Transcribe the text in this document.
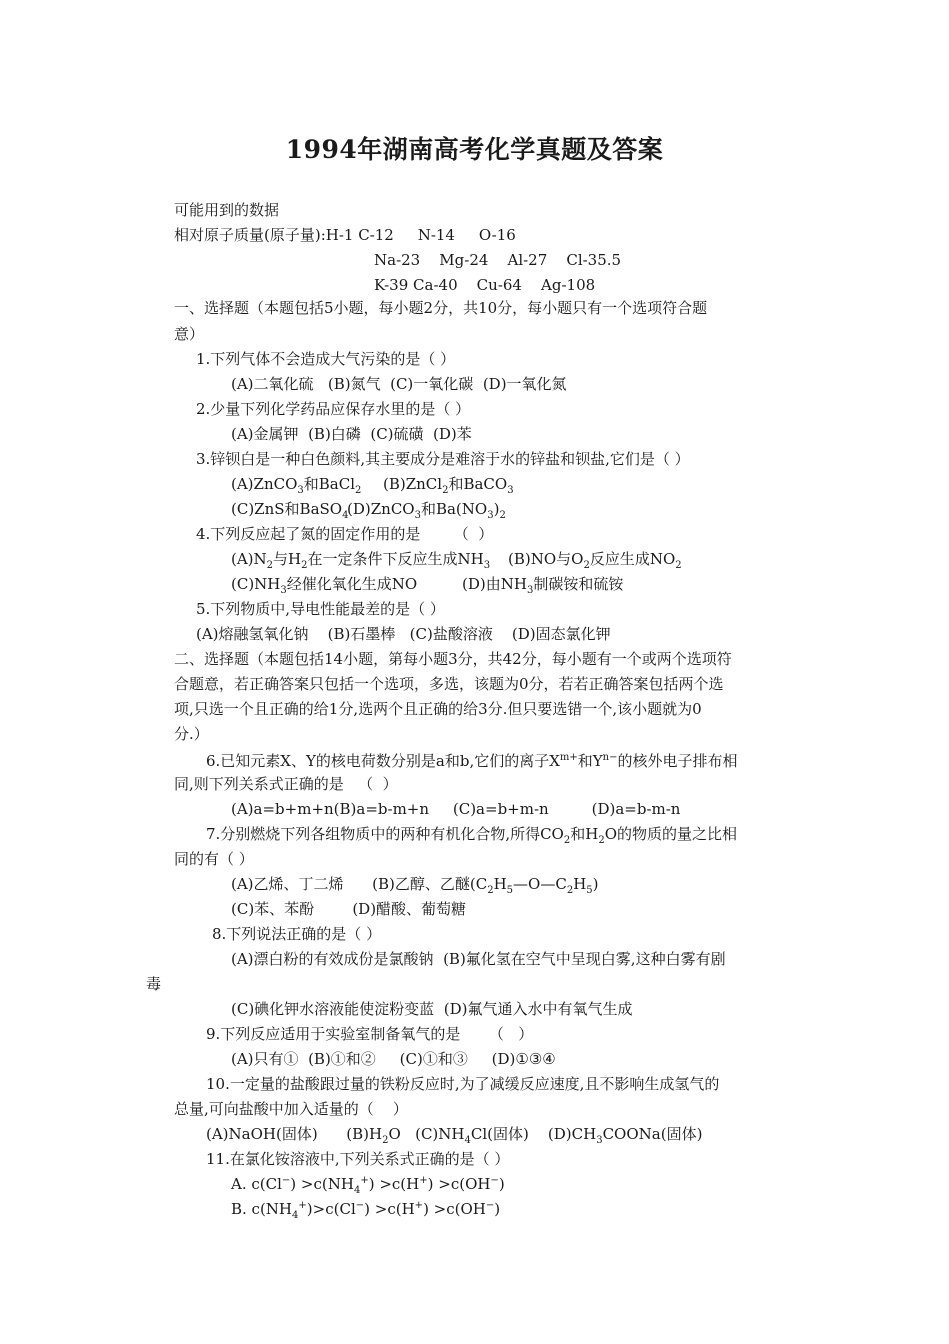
1994年湖南高考化学真题及答案

可能用到的数据

相对原子质量(原子量):H-1 C-12     N-14     O-16

Na-23    Mg-24    Al-27    Cl-35.5

K-39 Ca-40    Cu-64    Ag-108

一、选择题（本题包括5小题，每小题2分，共10分，每小题只有一个选项符合题

意）

1.下列气体不会造成大气污染的是（ ）

(A)二氧化硫   (B)氮气  (C)一氧化碳  (D)一氧化氮

2.少量下列化学药品应保存水里的是（ ）

(A)金属钾  (B)白磷  (C)硫磺  (D)苯

3.锌钡白是一种白色颜料,其主要成分是难溶于水的锌盐和钡盐,它们是（ ）

(A)ZnCO$_3$和BaCl$_2$ (B)ZnCl$_2$和BaCO$_3$

(C)ZnS和BaSO$_4$

(D)ZnCO$_3$和$Ba(NO_3)_2$

4.下列反应起了氮的固定作用的是       （  ）

$(A)N_2$与$H_2$在一定条件下反应生成$NH_3$ (B)NO与$O_2$反应生成$NO_2$

$(C)NH_3$经催化氧化生成NO	(D)由$NH_3$制碳铵和硫铵

5.下列物质中,导电性能最差的是（ ）

(A)熔融氢氧化钠    (B)石墨棒   (C)盐酸溶液    (D)固态氯化钾

二、选择题（本题包括14小题，第每小题3分，共42分，每小题有一个或两个选项符

合题意，若正确答案只包括一个选项，多选，该题为0分，若若正确答案包括两个选

项,只选一个且正确的给1分,选两个且正确的给3分.但只要选错一个,该小题就为0

分.）

6.已知元素X、Y的核电荷数分别是a和b,它们的离子$X^{m+}$和$Y^{n-}$的核外电子排布相

同,则下列关系式正确的是   （  ）

(A)a=b+m+n(B)a=b-m+n     (C)a=b+m-n         (D)a=b-m-n

7.分别燃烧下列各组物质中的两种有机化合物,所得$CO_2$和$H_2O$的物质的量之比相

同的有（ ）

(A)乙烯、丁二烯      (B)乙醇、乙醚$(C_2H_5—O—C_2H_5)$

(C)苯、苯酚        (D)醋酸、葡萄糖

8.下列说法正确的是（ ）

(A)漂白粉的有效成份是氯酸钠  (B)氟化氢在空气中呈现白雾,这种白雾有剧

毒

(C)碘化钾水溶液能使淀粉变蓝  (D)氟气通入水中有氧气生成

9.下列反应适用于实验室制备氧气的是      （   ）

(A)只有①  (B)①和②     (C)①和③     (D)①③④

10.一定量的盐酸跟过量的铁粉反应时,为了减缓反应速度,且不影响生成氢气的

总量,可向盐酸中加入适量的（    ）

(A)NaOH(固体)      $(B)H_2O$   $(C)NH_4Cl$(固体)    $(D)CH_3COONa$(固体)

11.在氯化铵溶液中,下列关系式正确的是（ ）

A. $c(Cl^-) >c(NH_4^+) >c(H^+) >c(OH^-)$

B. $c(NH_4^+)>c(Cl^-) >c(H^+) >c(OH^-)$
